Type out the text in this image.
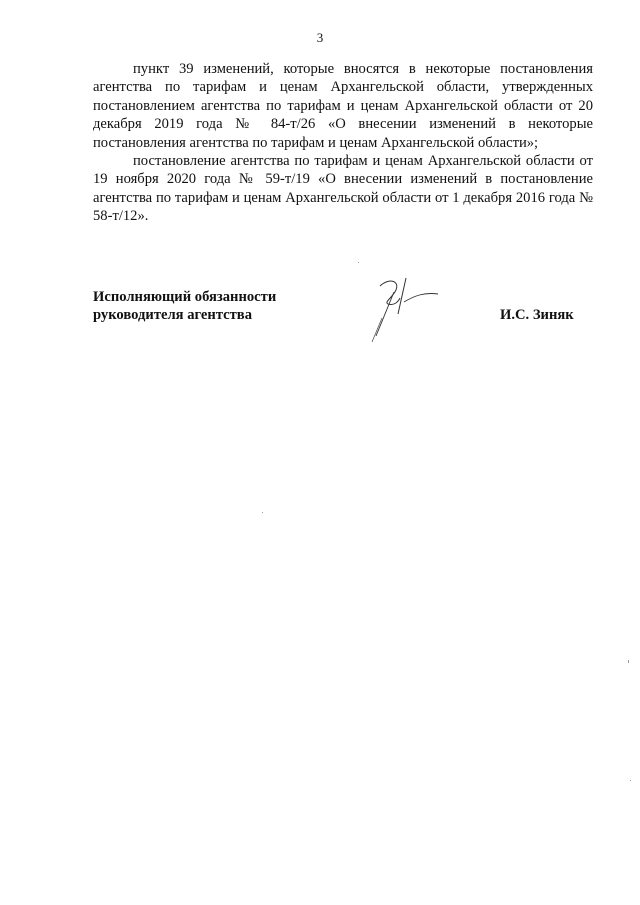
3

пункт 39 изменений, которые вносятся в некоторые постановления агентства по тарифам и ценам Архангельской области, утвержденных постановлением агентства по тарифам и ценам Архангельской области от 20 декабря 2019 года № 84-т/26 «О внесении изменений в некоторые постановления агентства по тарифам и ценам Архангельской области»;

постановление агентства по тарифам и ценам Архангельской области от 19 ноября 2020 года № 59-т/19 «О внесении изменений в постановление агентства по тарифам и ценам Архангельской области от 1 декабря 2016 года № 58-т/12».

Исполняющий обязанности
руководителя агентства	И.С. Зиняк
